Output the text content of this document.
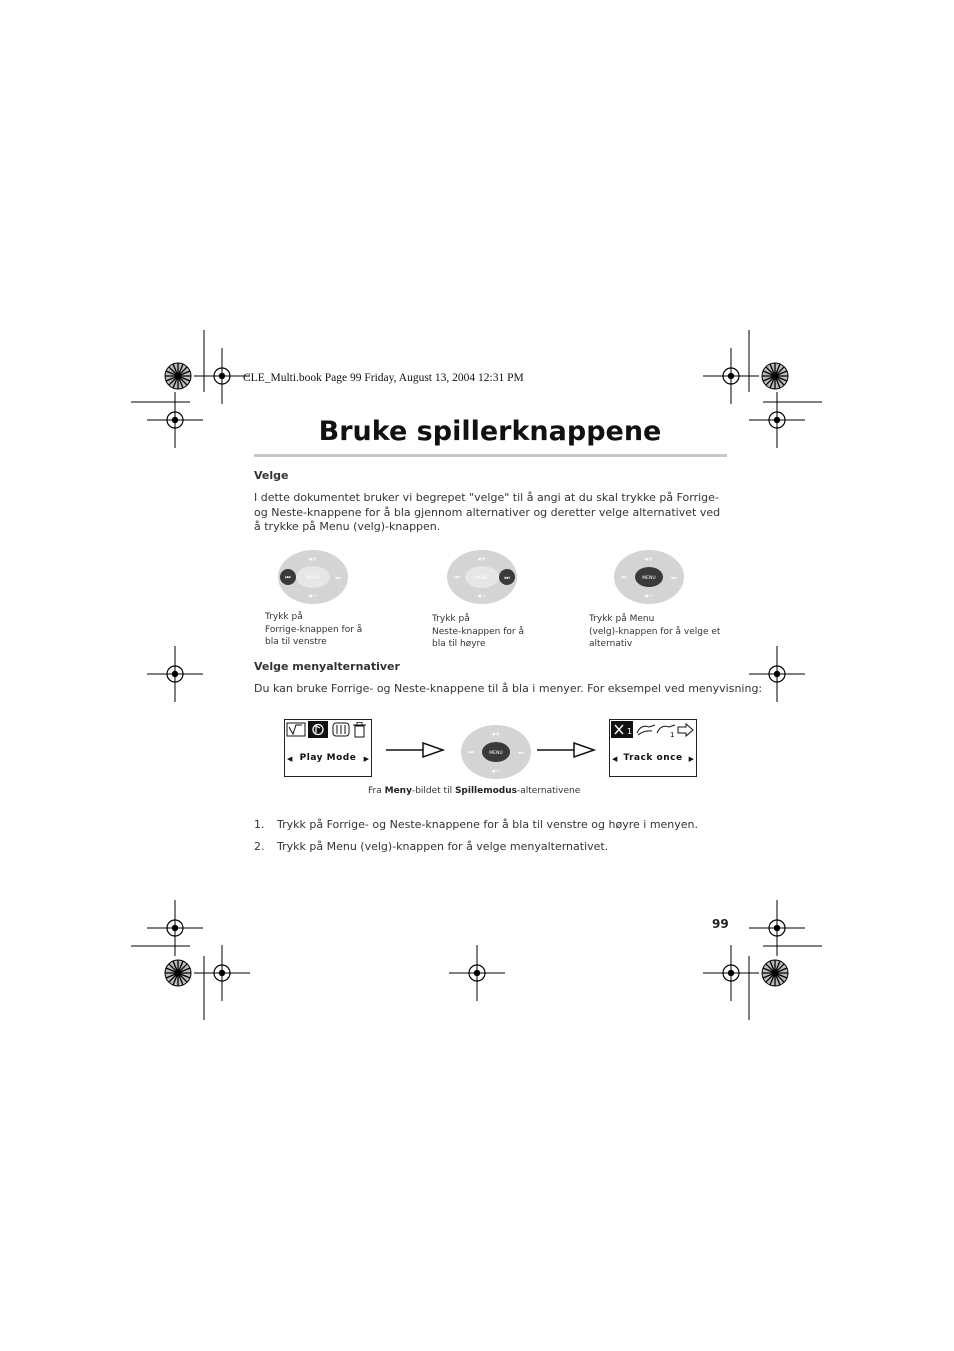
CLE_Multi.book Page 99 Friday, August 13, 2004 12:31 PM
Bruke spillerknappene
Velge
I dette dokumentet bruker vi begrepet "velge" til å angi at du skal trykke på Forrige- og Neste-knappene for å bla gjennom alternativer og deretter velge alternativet ved å trykke på Menu (velg)-knappen.
◂+
◂−
MENU
⏮	⏭
◂+
◂−
MENU
⏮	⏭
◂+
◂−
⏮	⏭
MENU
Trykk på
Forrige-knappen for å
bla til venstre
Trykk på
Neste-knappen for å
bla til høyre
Trykk på Menu
(velg)-knappen for å velge et
alternativ
Velge menyalternativer
Du kan bruke Forrige- og Neste-knappene til å bla i menyer. For eksempel ved menyvisning:
◀ Play Mode	▶
◂+
◂−
⏮	⏭
MENU
1	1
◀ Track once ▶
Fra Meny-bildet til Spillemodus-alternativene
1. Trykk på Forrige- og Neste-knappene for å bla til venstre og høyre i menyen.
2. Trykk på Menu (velg)-knappen for å velge menyalternativet.
99
